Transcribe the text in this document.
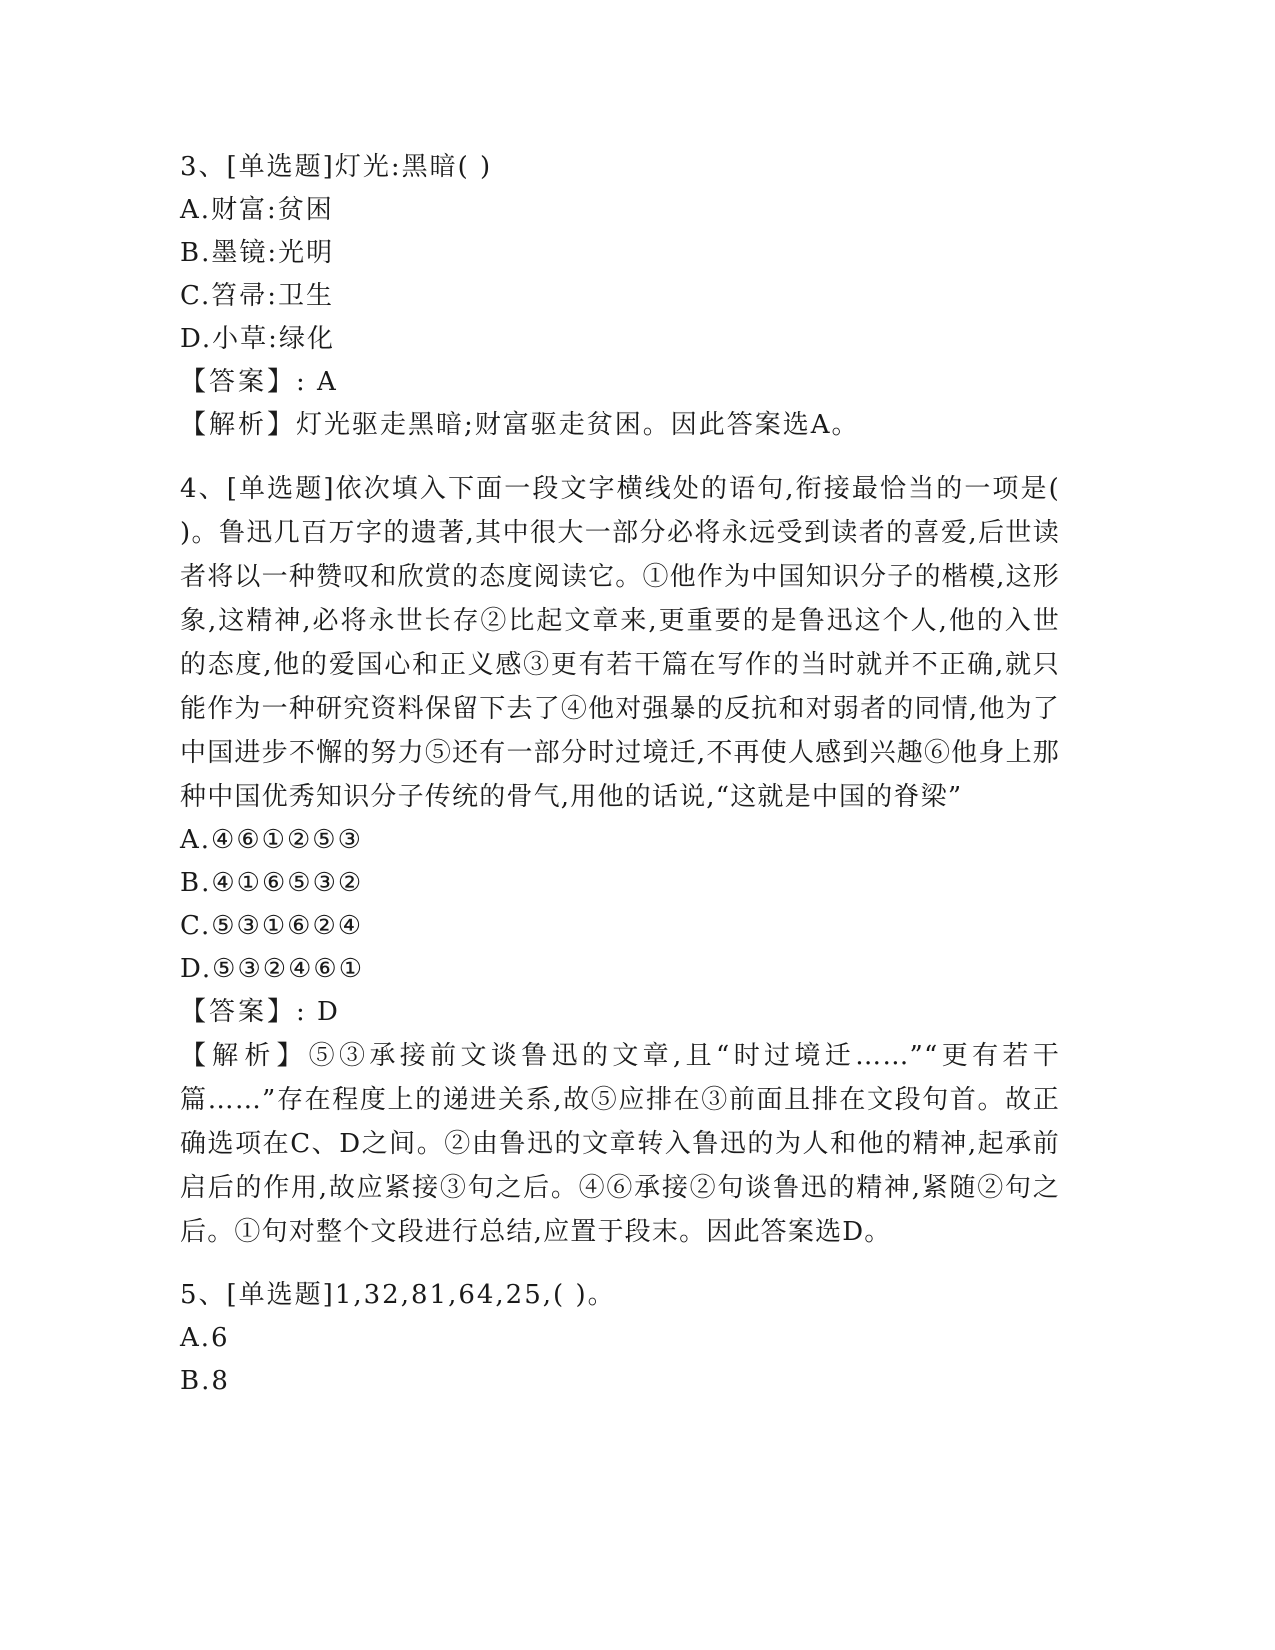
3、[单选题]灯光:黑暗( )
A.财富:贫困
B.墨镜:光明
C.笤帚:卫生
D.小草:绿化
【答案】: A
【解析】灯光驱走黑暗;财富驱走贫困。因此答案选A。
4、[单选题]依次填入下面一段文字横线处的语句,衔接最恰当的一项是( )。鲁迅几百万字的遗著,其中很大一部分必将永远受到读者的喜爱,后世读者将以一种赞叹和欣赏的态度阅读它。①他作为中国知识分子的楷模,这形象,这精神,必将永世长存②比起文章来,更重要的是鲁迅这个人,他的入世的态度,他的爱国心和正义感③更有若干篇在写作的当时就并不正确,就只能作为一种研究资料保留下去了④他对强暴的反抗和对弱者的同情,他为了中国进步不懈的努力⑤还有一部分时过境迁,不再使人感到兴趣⑥他身上那种中国优秀知识分子传统的骨气,用他的话说,“这就是中国的脊梁”
A.④⑥①②⑤③
B.④①⑥⑤③②
C.⑤③①⑥②④
D.⑤③②④⑥①
【答案】: D
【解析】⑤③承接前文谈鲁迅的文章,且“时过境迁……”“更有若干篇……”存在程度上的递进关系,故⑤应排在③前面且排在文段句首。故正确选项在C、D之间。②由鲁迅的文章转入鲁迅的为人和他的精神,起承前启后的作用,故应紧接③句之后。④⑥承接②句谈鲁迅的精神,紧随②句之后。①句对整个文段进行总结,应置于段末。因此答案选D。
5、[单选题]1,32,81,64,25,( )。
A.6
B.8
